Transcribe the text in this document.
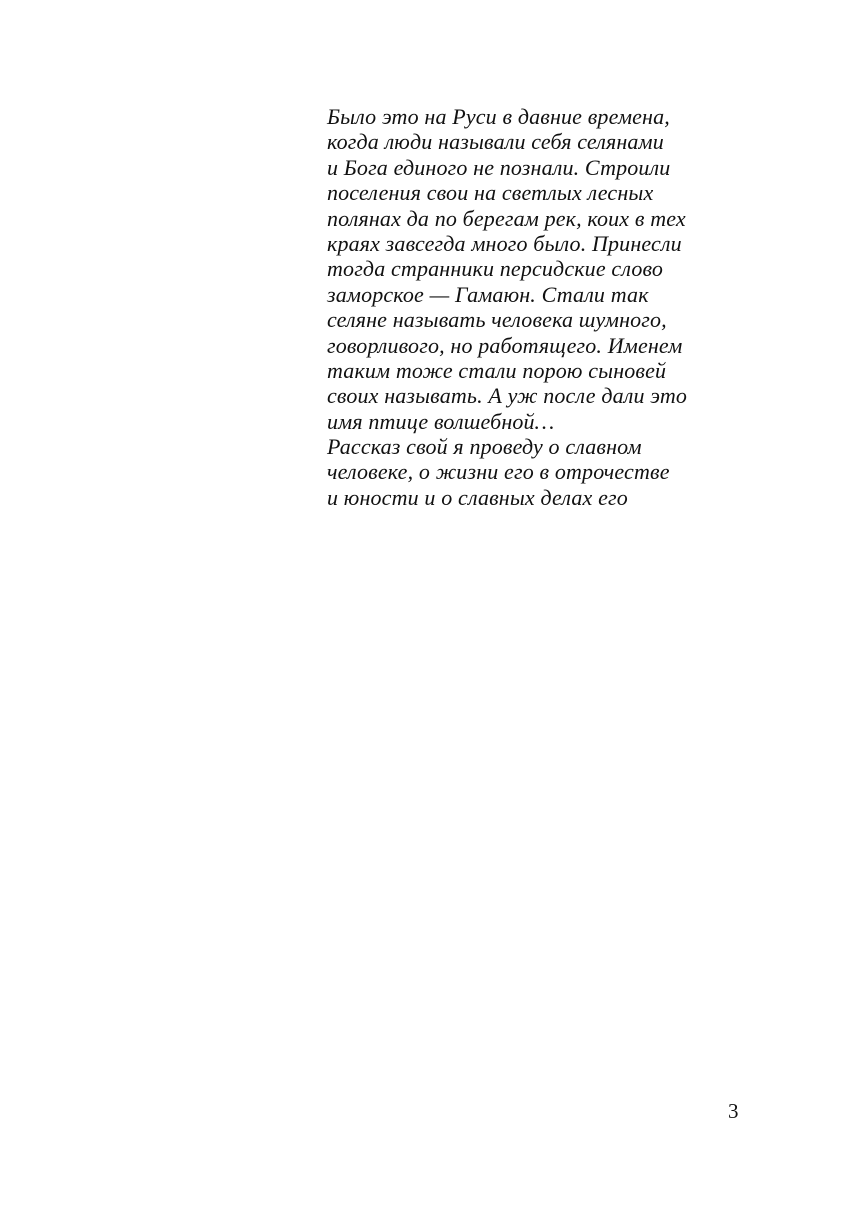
Было это на Руси в давние времена,
когда люди называли себя селянами
и Бога единого не познали. Строили
поселения свои на светлых лесных
полянах да по берегам рек, коих в тех
краях завсегда много было. Принесли
тогда странники персидские слово
заморское — Гамаюн. Стали так
селяне называть человека шумного,
говорливого, но работящего. Именем
таким тоже стали порою сыновей
своих называть. А уж после дали это
имя птице волшебной…
Рассказ свой я проведу о славном
человеке, о жизни его в отрочестве
и юности и о славных делах его
3
